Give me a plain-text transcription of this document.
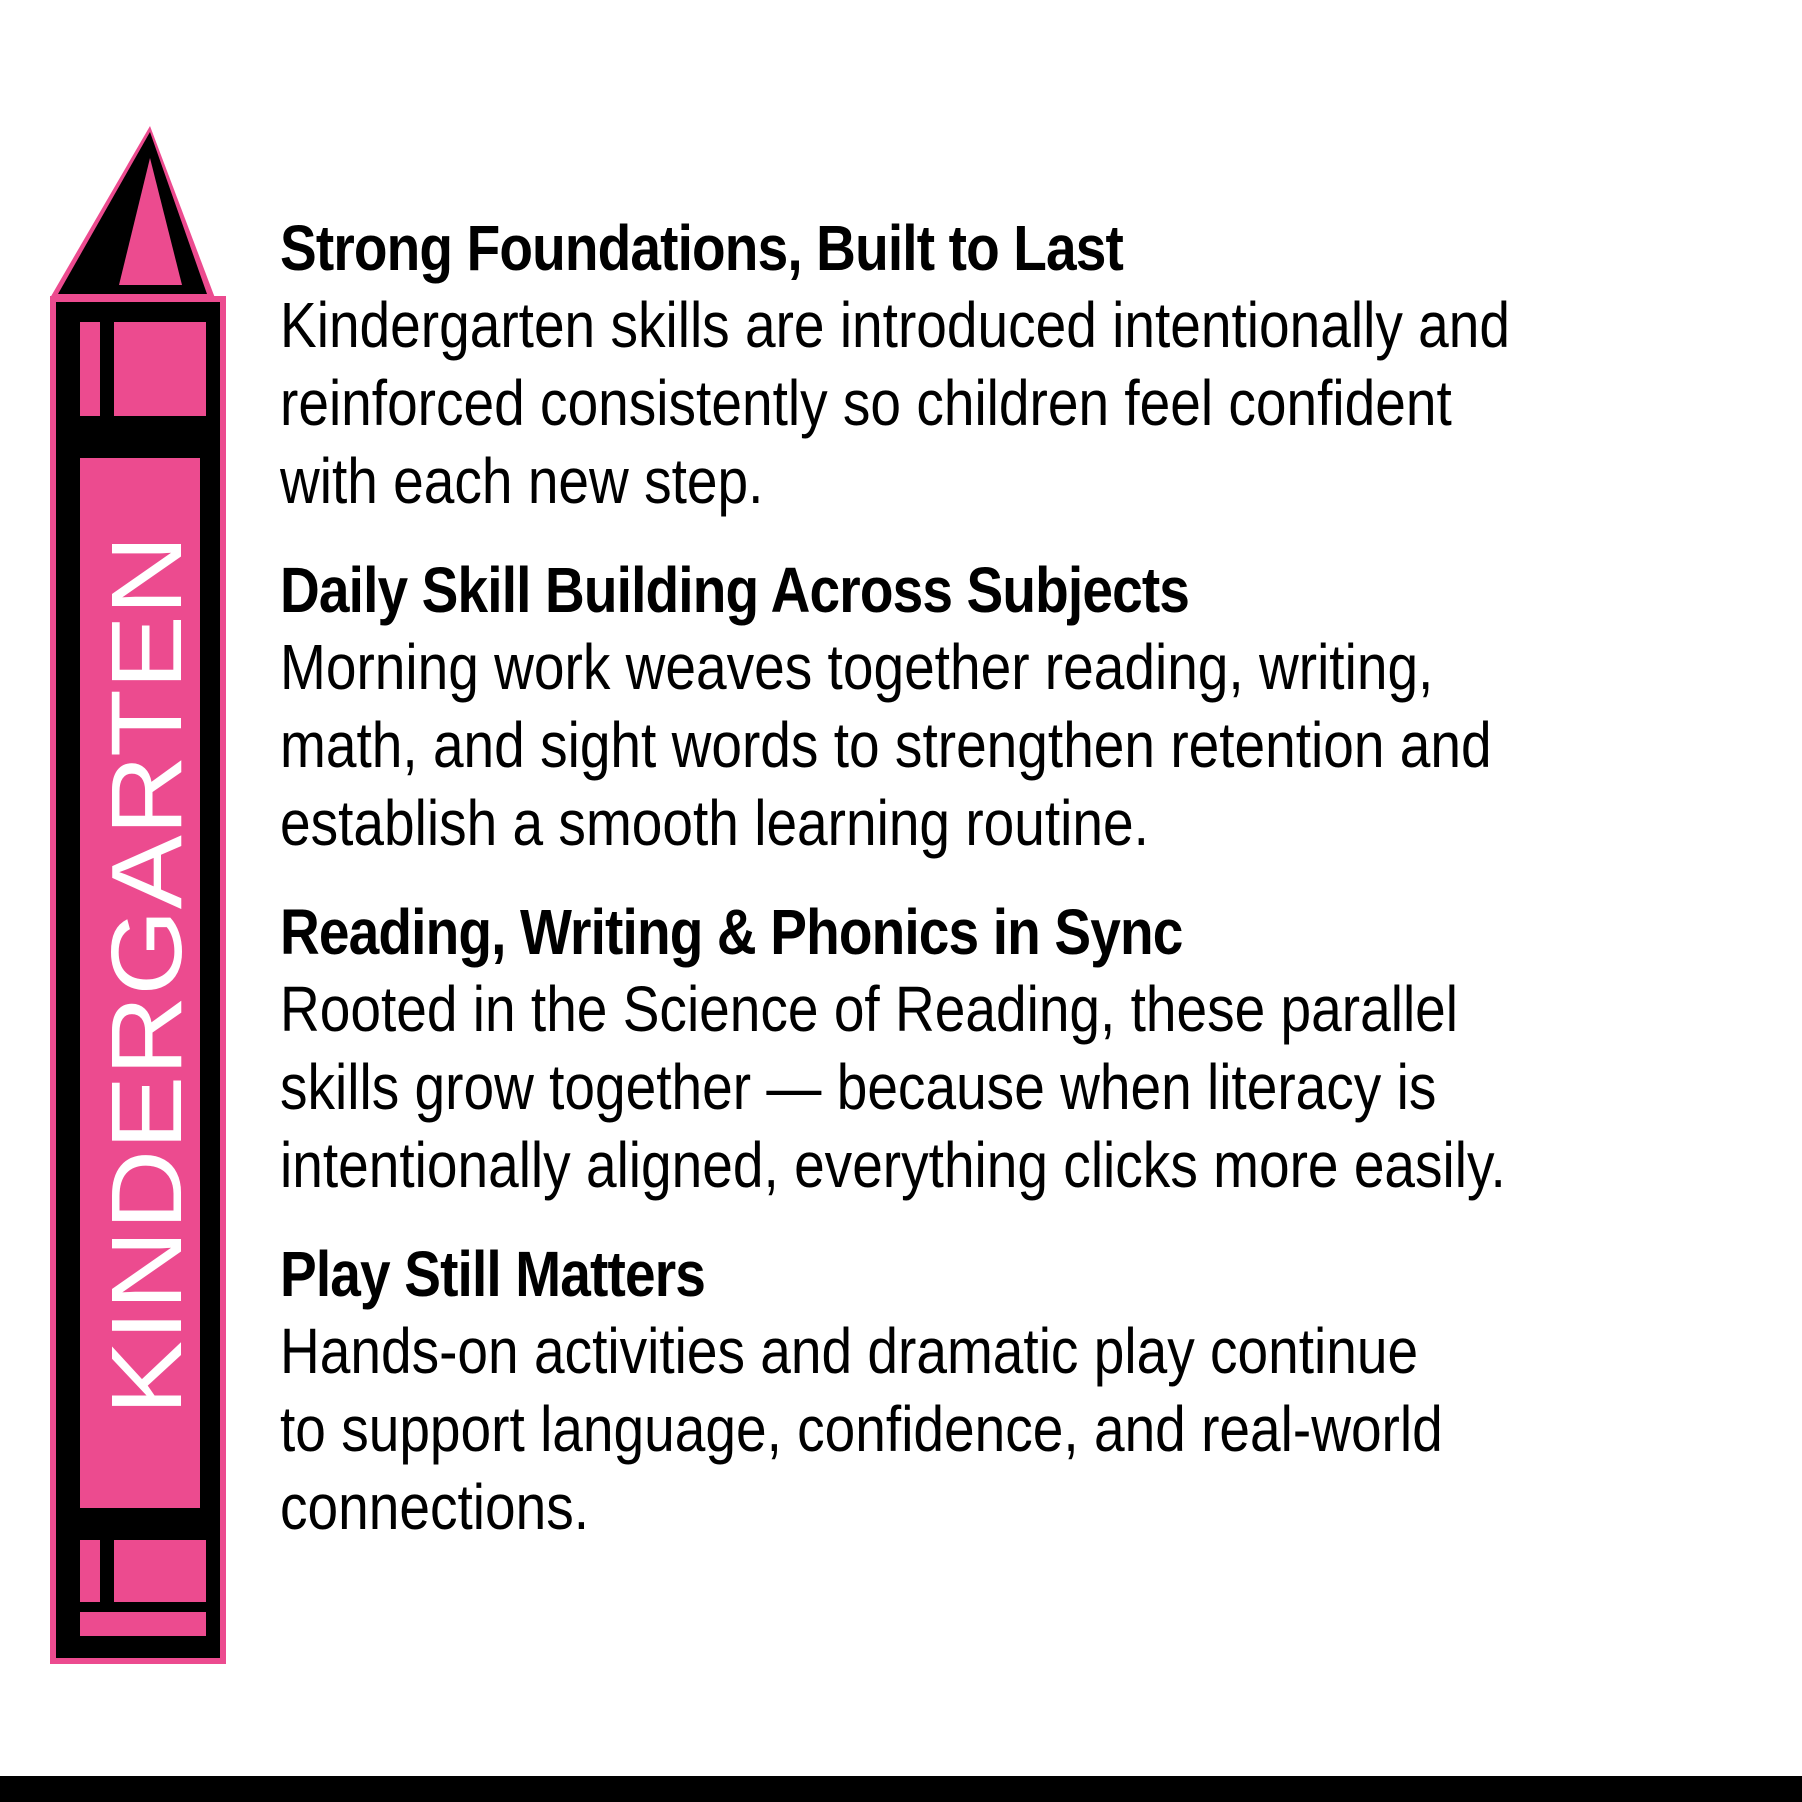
KINDERGARTEN
Strong Foundations, Built to Last
Kindergarten skills are introduced intentionally and
reinforced consistently so children feel confident
with each new step.
Daily Skill Building Across Subjects
Morning work weaves together reading, writing,
math, and sight words to strengthen retention and
establish a smooth learning routine.
Reading, Writing & Phonics in Sync
Rooted in the Science of Reading, these parallel
skills grow together — because when literacy is
intentionally aligned, everything clicks more easily.
Play Still Matters
Hands-on activities and dramatic play continue
to support language, confidence, and real-world
connections.
